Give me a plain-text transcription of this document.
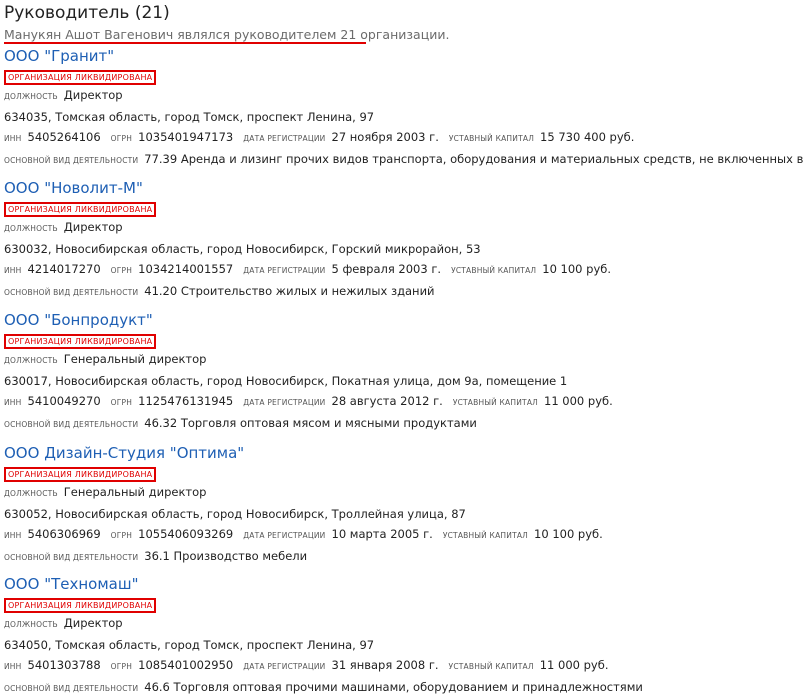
Руководитель (21)
Манукян Ашот Вагенович являлся руководителем 21 организации.
ООО "Гранит"
ОРГАНИЗАЦИЯ ЛИКВИДИРОВАНА
ДОЛЖНОСТЬ Директор
634035, Томская область, город Томск, проспект Ленина, 97
ИНН 5405264106 ОГРН 1035401947173 ДАТА РЕГИСТРАЦИИ 27 ноября 2003 г. УСТАВНЫЙ КАПИТАЛ 15 730 400 руб.
ОСНОВНОЙ ВИД ДЕЯТЕЛЬНОСТИ 77.39 Аренда и лизинг прочих видов транспорта, оборудования и материальных средств, не включенных в
ООО "Новолит-М"
ОРГАНИЗАЦИЯ ЛИКВИДИРОВАНА
ДОЛЖНОСТЬ Директор
630032, Новосибирская область, город Новосибирск, Горский микрорайон, 53
ИНН 4214017270 ОГРН 1034214001557 ДАТА РЕГИСТРАЦИИ 5 февраля 2003 г. УСТАВНЫЙ КАПИТАЛ 10 100 руб.
ОСНОВНОЙ ВИД ДЕЯТЕЛЬНОСТИ 41.20 Строительство жилых и нежилых зданий
ООО "Бонпродукт"
ОРГАНИЗАЦИЯ ЛИКВИДИРОВАНА
ДОЛЖНОСТЬ Генеральный директор
630017, Новосибирская область, город Новосибирск, Покатная улица, дом 9а, помещение 1
ИНН 5410049270 ОГРН 1125476131945 ДАТА РЕГИСТРАЦИИ 28 августа 2012 г. УСТАВНЫЙ КАПИТАЛ 11 000 руб.
ОСНОВНОЙ ВИД ДЕЯТЕЛЬНОСТИ 46.32 Торговля оптовая мясом и мясными продуктами
ООО Дизайн-Студия "Оптима"
ОРГАНИЗАЦИЯ ЛИКВИДИРОВАНА
ДОЛЖНОСТЬ Генеральный директор
630052, Новосибирская область, город Новосибирск, Троллейная улица, 87
ИНН 5406306969 ОГРН 1055406093269 ДАТА РЕГИСТРАЦИИ 10 марта 2005 г. УСТАВНЫЙ КАПИТАЛ 10 100 руб.
ОСНОВНОЙ ВИД ДЕЯТЕЛЬНОСТИ 36.1 Производство мебели
ООО "Техномаш"
ОРГАНИЗАЦИЯ ЛИКВИДИРОВАНА
ДОЛЖНОСТЬ Директор
634050, Томская область, город Томск, проспект Ленина, 97
ИНН 5401303788 ОГРН 1085401002950 ДАТА РЕГИСТРАЦИИ 31 января 2008 г. УСТАВНЫЙ КАПИТАЛ 11 000 руб.
ОСНОВНОЙ ВИД ДЕЯТЕЛЬНОСТИ 46.6 Торговля оптовая прочими машинами, оборудованием и принадлежностями
